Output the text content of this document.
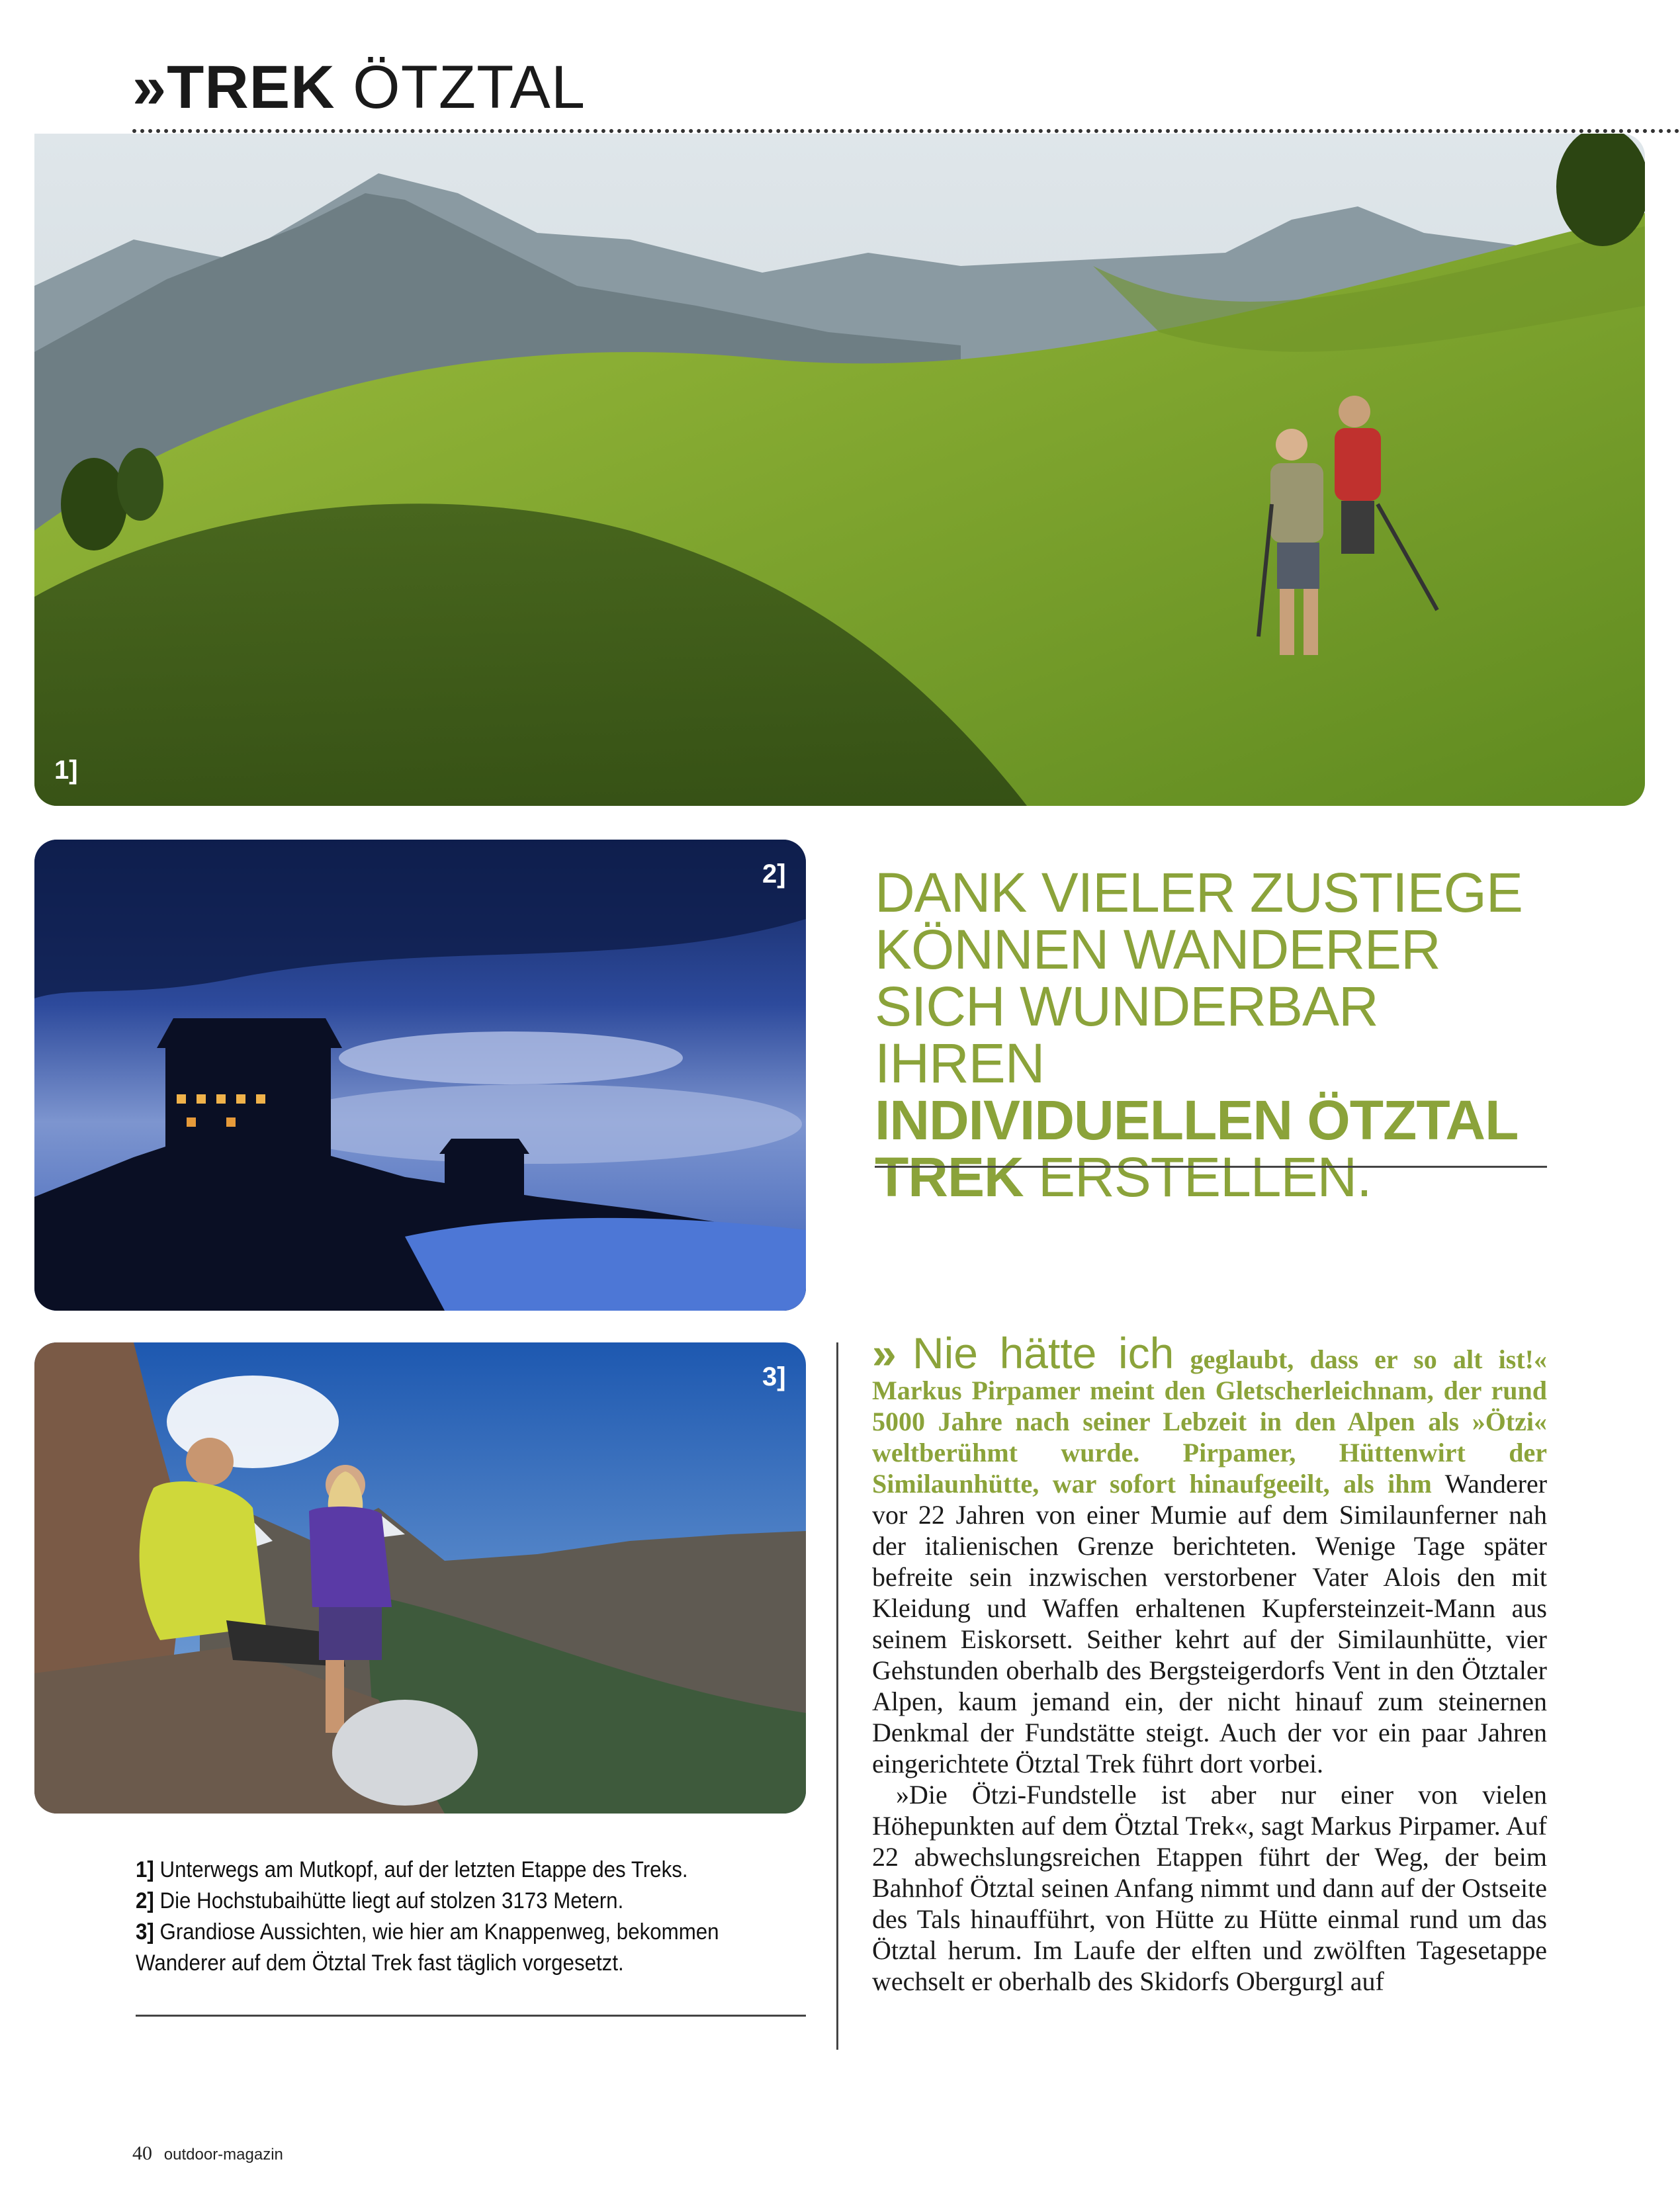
»TREK ÖTZTAL
1]
2]
3]
DANK VIELER ZUSTIEGE
KÖNNEN WANDERER
SICH WUNDERBAR IHREN
INDIVIDUELLEN ÖTZTAL
TREK ERSTELLEN.

» Nie hätte ich geglaubt, dass er so alt ist!« Markus Pirpamer meint den Gletscherleichnam, der rund 5000 Jahre nach seiner Lebzeit in den Alpen als »Ötzi« weltberühmt wurde. Pirpamer, Hüttenwirt der Similaunhütte, war sofort hinaufgeeilt, als ihm Wanderer vor 22 Jahren von einer Mumie auf dem Similaunferner nah der italienischen Grenze berichteten. Wenige Tage später befreite sein inzwischen verstorbener Vater Alois den mit Kleidung und Waffen erhaltenen Kupfersteinzeit-Mann aus seinem Eiskorsett. Seither kehrt auf der Similaunhütte, vier Gehstunden oberhalb des Bergsteigerdorfs Vent in den Ötztaler Alpen, kaum jemand ein, der nicht hinauf zum steinernen Denkmal der Fundstätte steigt. Auch der vor ein paar Jahren eingerichtete Ötztal Trek führt dort vorbei.

»Die Ötzi-Fundstelle ist aber nur einer von vielen Höhepunkten auf dem Ötztal Trek«, sagt Markus Pirpamer. Auf 22 abwechslungsreichen Etappen führt der Weg, der beim Bahnhof Ötztal seinen Anfang nimmt und dann auf der Ostseite des Tals hinaufführt, von Hütte zu Hütte einmal rund um das Ötztal herum. Im Laufe der elften und zwölften Tagesetappe wechselt er oberhalb des Skidorfs Obergurgl auf

1] Unterwegs am Mutkopf, auf der letzten Etappe des Treks.

2] Die Hochstubaihütte liegt auf stolzen 3173 Metern.

3] Grandiose Aussichten, wie hier am Knappenweg, bekommen Wanderer auf dem Ötztal Trek fast täglich vorgesetzt.

40 outdoor-magazin
